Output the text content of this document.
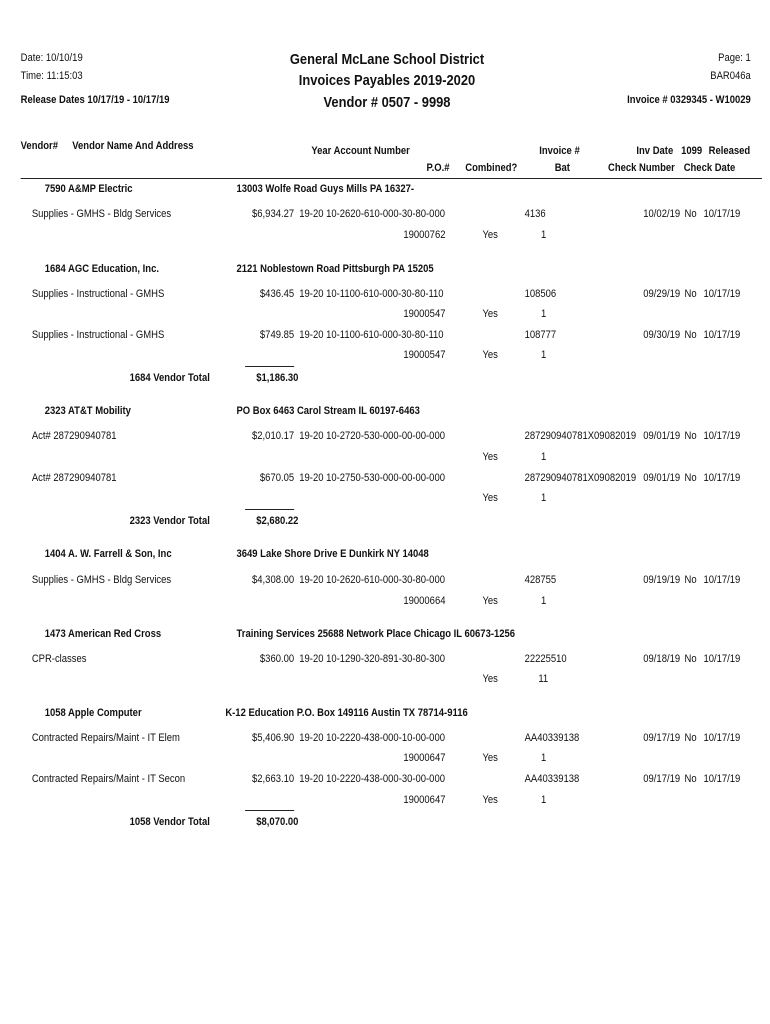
Date: 10/10/19
Time: 11:15:03
Release Dates 10/17/19 - 10/17/19
General McLane School District
Invoices Payables 2019-2020
Vendor # 0507 - 9998
Page: 1
BAR046a
Invoice # 0329345 - W10029
Vendor# Vendor Name And Address	Year Account Number	Invoice #	Inv Date 1099 Released
P.O.# Combined?	Bat	Check Number Check Date
7590 A&MP Electric	13003 Wolfe Road Guys Mills PA 16327-
Supplies - GMHS - Bldg Services	$6,934.27 19-20 10-2620-610-000-30-80-000	4136	10/02/19 No 10/17/19
19000762	Yes	1
1684 AGC Education, Inc.	2121 Noblestown Road Pittsburgh PA 15205
Supplies - Instructional - GMHS	$436.45 19-20 10-1100-610-000-30-80-110	108506	09/29/19 No 10/17/19
19000547	Yes	1
Supplies - Instructional - GMHS	$749.85 19-20 10-1100-610-000-30-80-110	108777	09/30/19 No 10/17/19
19000547	Yes	1
1684 Vendor Total	$1,186.30
2323 AT&T Mobility	PO Box 6463 Carol Stream IL 60197-6463
Act# 287290940781	$2,010.17 19-20 10-2720-530-000-00-00-000	287290940781X09082019 09/01/19 No 10/17/19
Yes	1
Act# 287290940781	$670.05 19-20 10-2750-530-000-00-00-000	287290940781X09082019 09/01/19 No 10/17/19
Yes	1
2323 Vendor Total	$2,680.22
1404 A. W. Farrell & Son, Inc	3649 Lake Shore Drive E Dunkirk NY 14048
Supplies - GMHS - Bldg Services	$4,308.00 19-20 10-2620-610-000-30-80-000	428755	09/19/19 No 10/17/19
19000664	Yes	1
1473 American Red Cross	Training Services 25688 Network Place Chicago IL 60673-1256
CPR-classes	$360.00 19-20 10-1290-320-891-30-80-300	22225510	09/18/19 No 10/17/19
Yes	11
1058 Apple Computer	K-12 Education P.O. Box 149116 Austin TX 78714-9116
Contracted Repairs/Maint - IT Elem	$5,406.90 19-20 10-2220-438-000-10-00-000	AA40339138	09/17/19 No 10/17/19
19000647	Yes	1
Contracted Repairs/Maint - IT Secon	$2,663.10 19-20 10-2220-438-000-30-00-000	AA40339138	09/17/19 No 10/17/19
19000647	Yes	1
1058 Vendor Total	$8,070.00
